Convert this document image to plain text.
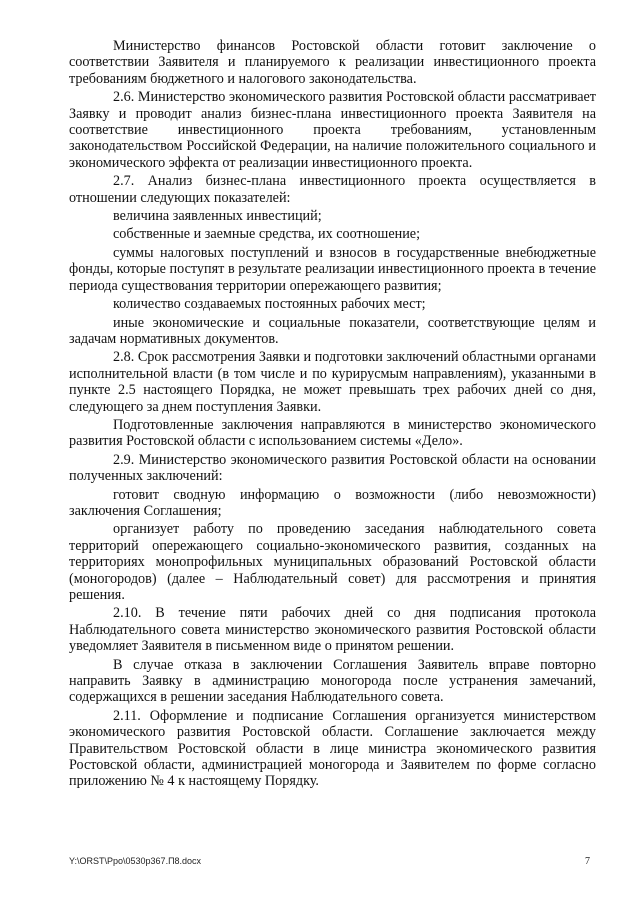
Министерство финансов Ростовской области готовит заключение о соответствии Заявителя и планируемого к реализации инвестиционного проекта требованиям бюджетного и налогового законодательства.

2.6. Министерство экономического развития Ростовской области рассматривает Заявку и проводит анализ бизнес-плана инвестиционного проекта Заявителя на соответствие инвестиционного проекта требованиям, установленным законодательством Российской Федерации, на наличие положительного социального и экономического эффекта от реализации инвестиционного проекта.

2.7. Анализ бизнес-плана инвестиционного проекта осуществляется в отношении следующих показателей:

величина заявленных инвестиций;

собственные и заемные средства, их соотношение;

суммы налоговых поступлений и взносов в государственные внебюджетные фонды, которые поступят в результате реализации инвестиционного проекта в течение периода существования территории опережающего развития;

количество создаваемых постоянных рабочих мест;

иные экономические и социальные показатели, соответствующие целям и задачам нормативных документов.

2.8. Срок рассмотрения Заявки и подготовки заключений областными органами исполнительной власти (в том числе и по курирусмым направлениям), указанными в пункте 2.5 настоящего Порядка, не может превышать трех рабочих дней со дня, следующего за днем поступления Заявки.

Подготовленные заключения направляются в министерство экономического развития Ростовской области с использованием системы «Дело».

2.9. Министерство экономического развития Ростовской области на основании полученных заключений:

готовит сводную информацию о возможности (либо невозможности) заключения Соглашения;

организует работу по проведению заседания наблюдательного совета территорий опережающего социально-экономического развития, созданных на территориях монопрофильных муниципальных образований Ростовской области (моногородов) (далее – Наблюдательный совет) для рассмотрения и принятия решения.

2.10. В течение пяти рабочих дней со дня подписания протокола Наблюдательного совета министерство экономического развития Ростовской области уведомляет Заявителя в письменном виде о принятом решении.

В случае отказа в заключении Соглашения Заявитель вправе повторно направить Заявку в администрацию моногорода после устранения замечаний, содержащихся в решении заседания Наблюдательного совета.

2.11. Оформление и подписание Соглашения организуется министерством экономического развития Ростовской области. Соглашение заключается между Правительством Ростовской области в лице министра экономического развития Ростовской области, администрацией моногорода и Заявителем по форме согласно приложению № 4 к настоящему Порядку.

Y:\ORST\Ppo\0530p367.П8.docx	7
